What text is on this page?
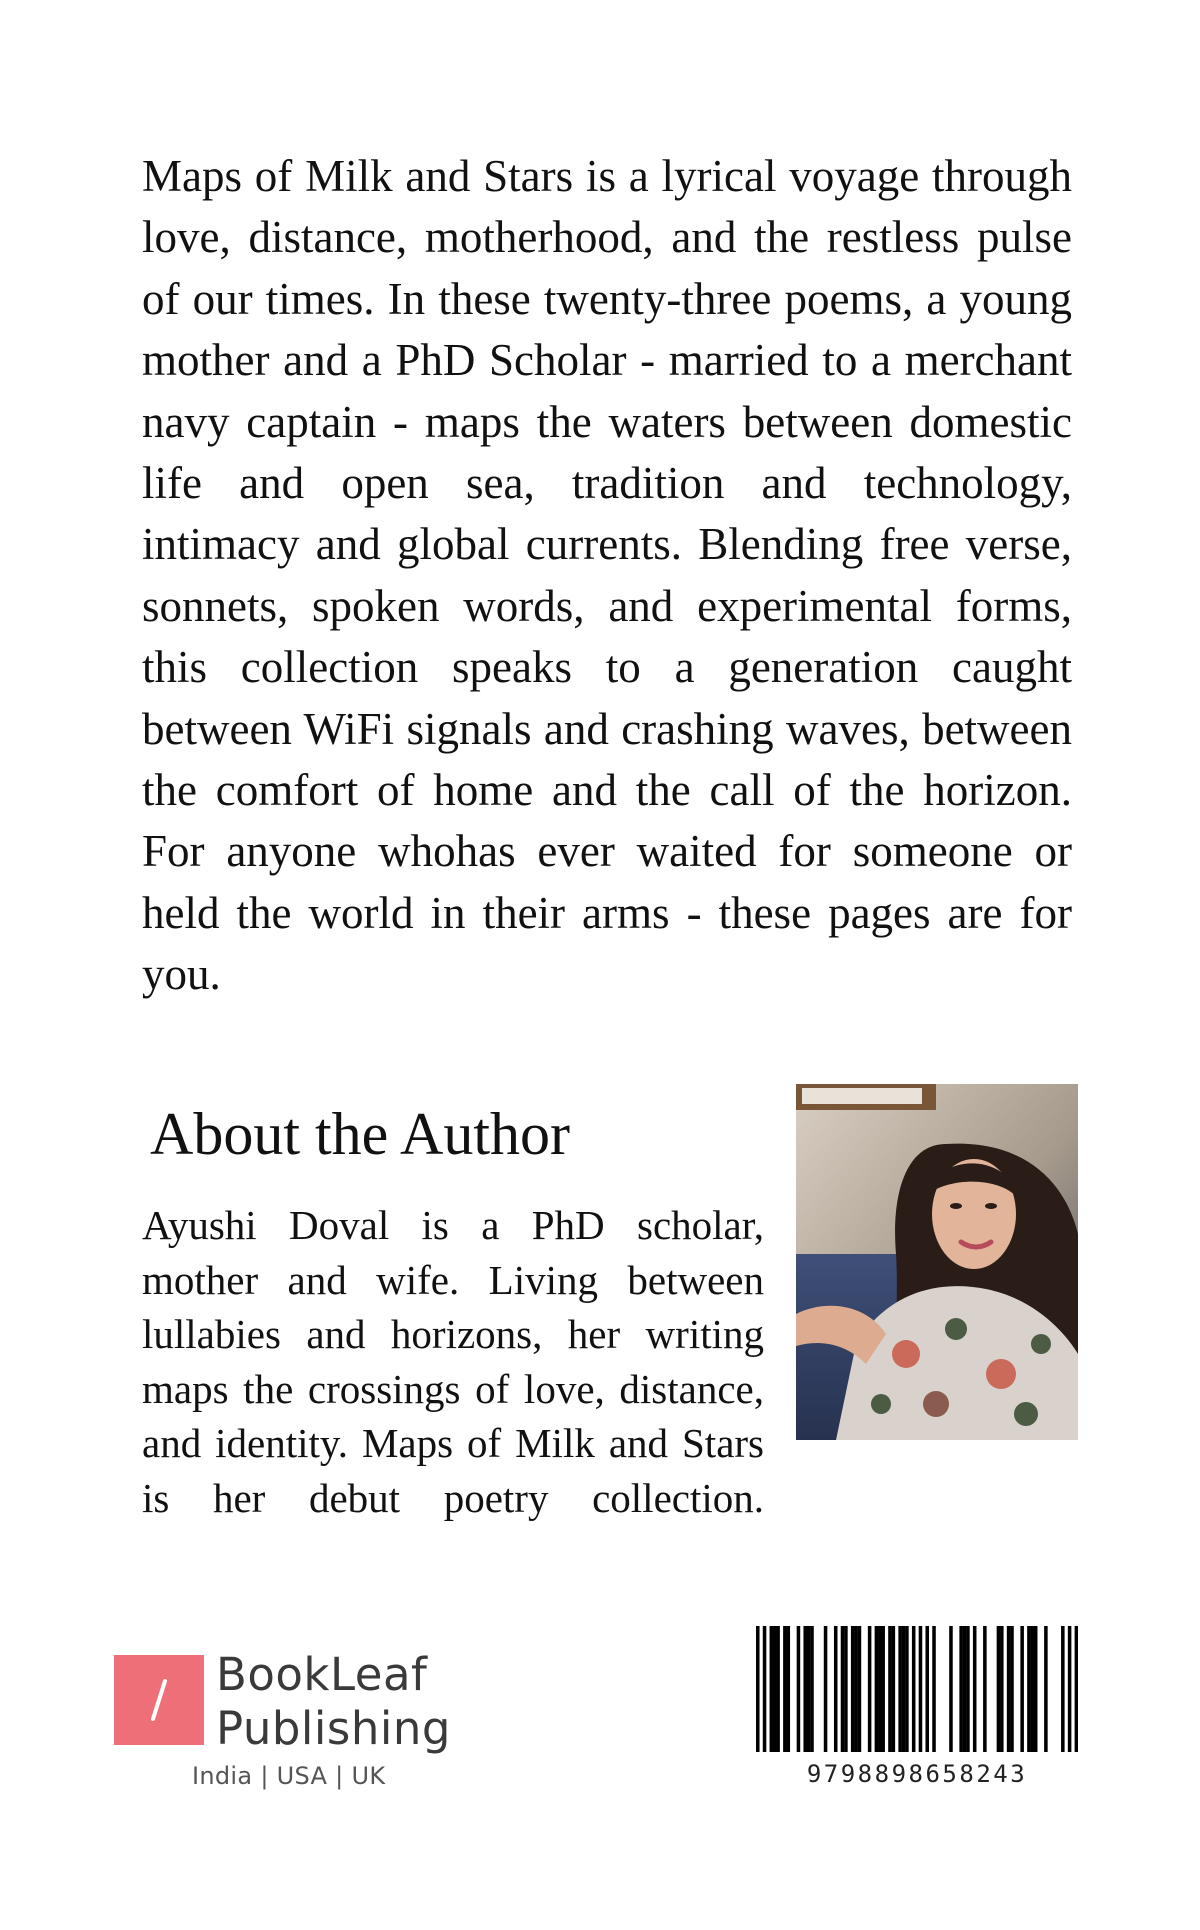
Maps of Milk and Stars is a lyrical voyage through love, distance, motherhood, and the restless pulse of our times. In these twenty-three poems, a young mother and a PhD Scholar - married to a merchant navy captain - maps the waters between domestic life and open sea, tradition and technology, intimacy and global currents. Blending free verse, sonnets, spoken words, and experimental forms, this collection speaks to a generation caught between WiFi signals and crashing waves, between the comfort of home and the call of the horizon. For anyone whohas ever waited for someone or held the world in their arms - these pages are for you.

About the Author

Ayushi Doval is a PhD scholar, mother and wife. Living between lullabies and horizons, her writing maps the crossings of love, distance, and identity. Maps of Milk and Stars is her debut poetry collection.

BookLeaf
Publishing
India | USA | UK	9798898658243
